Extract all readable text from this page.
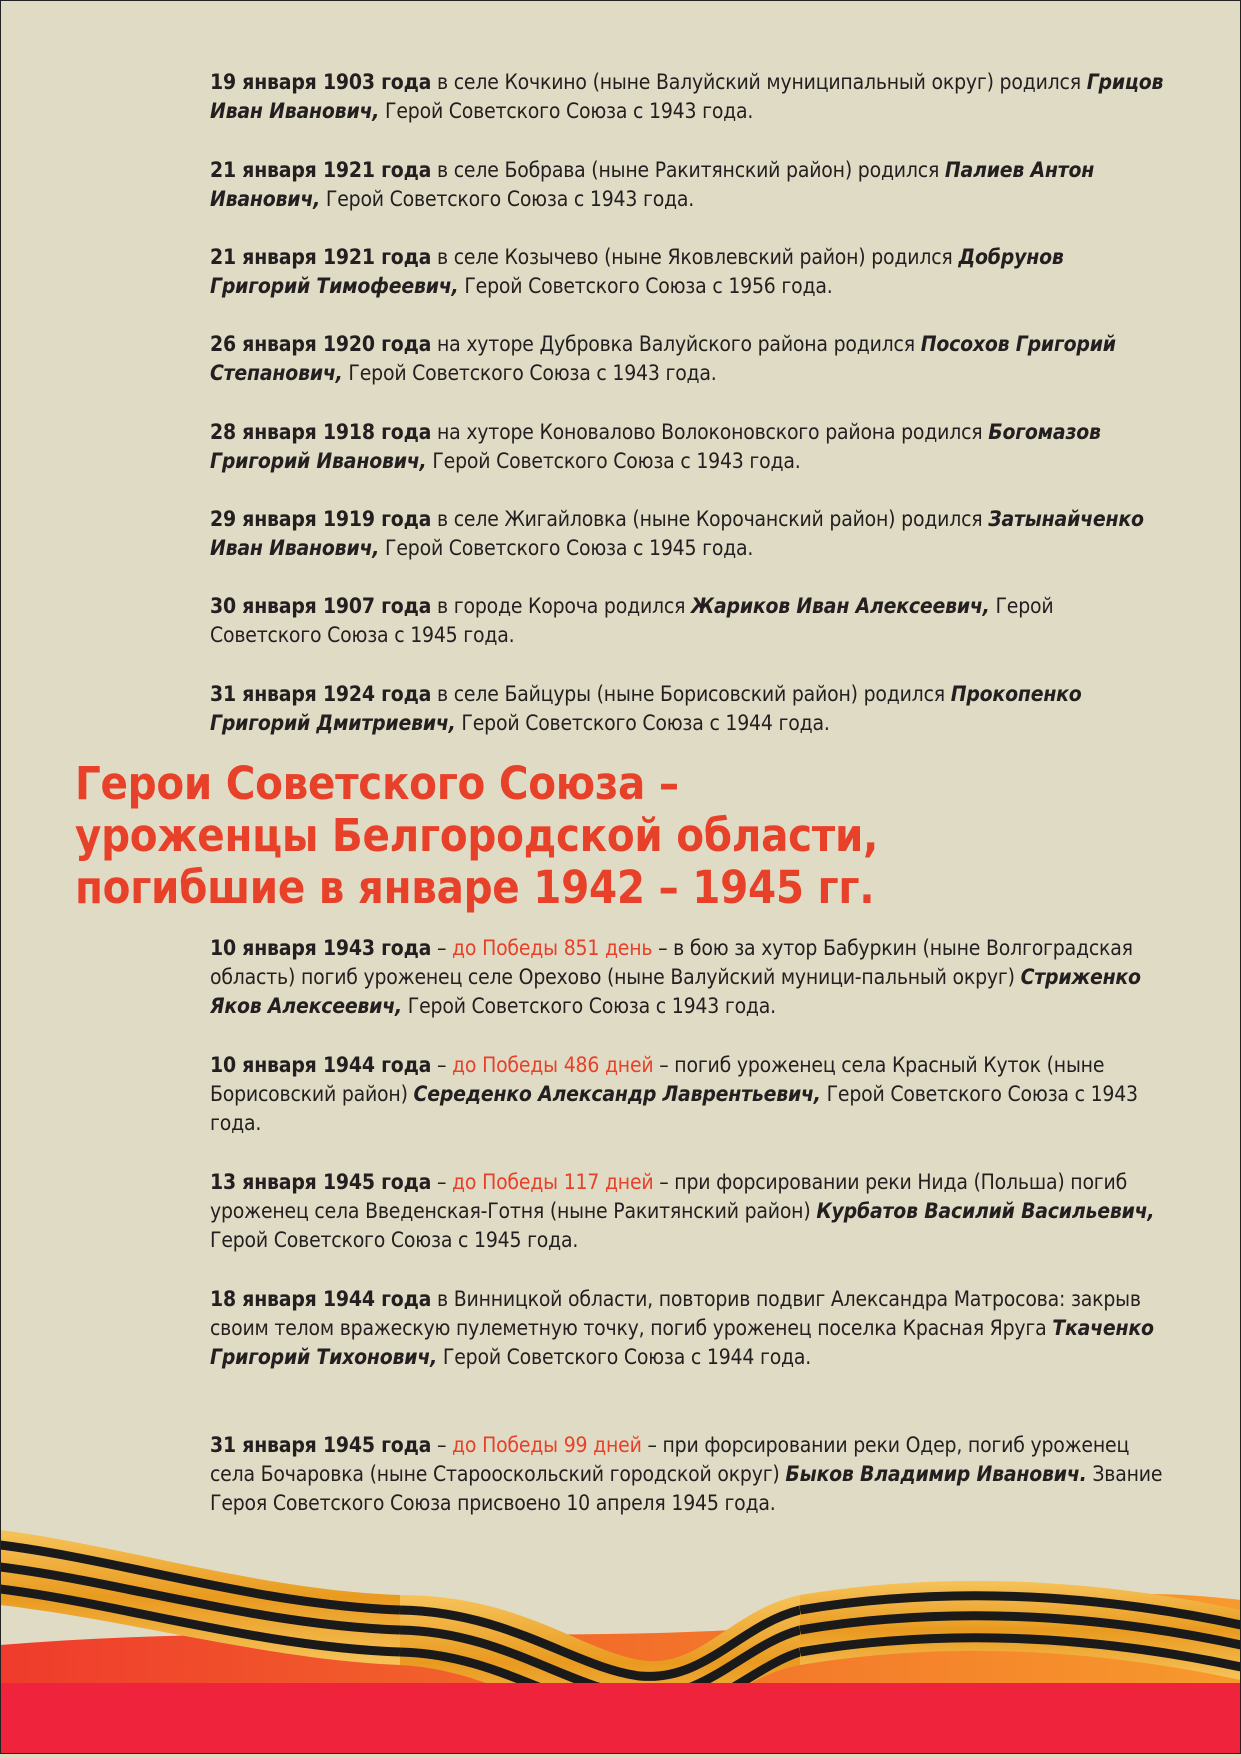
19 января 1903 года в селе Кочкино (ныне Валуйский муниципальный округ) родился Грицов Иван Иванович, Герой Советского Союза с 1943 года.
21 января 1921 года в селе Бобрава (ныне Ракитянский район) родился Палиев Антон Иванович, Герой Советского Союза с 1943 года.
21 января 1921 года в селе Козычево (ныне Яковлевский район) родился Добрунов Григорий Тимофеевич, Герой Советского Союза с 1956 года.
26 января 1920 года на хуторе Дубровка Валуйского района родился Посохов Григорий Степанович, Герой Советского Союза с 1943 года.
28 января 1918 года на хуторе Коновалово Волоконовского района родился Богомазов Григорий Иванович, Герой Советского Союза с 1943 года.
29 января 1919 года в селе Жигайловка (ныне Корочанский район) родился Затынайченко Иван Иванович, Герой Советского Союза с 1945 года.
30 января 1907 года в городе Короча родился Жариков Иван Алексеевич, Герой Советского Союза с 1945 года.
31 января 1924 года в селе Байцуры (ныне Борисовский район) родился Прокопенко Григорий Дмитриевич, Герой Советского Союза с 1944 года.
Герои Советского Союза –
уроженцы Белгородской области,
погибшие в январе 1942 – 1945 гг.
10 января 1943 года – до Победы 851 день – в бою за хутор Бабуркин (ныне Волгоградская область) погиб уроженец селе Орехово (ныне Валуйский муници-пальный округ) Стриженко Яков Алексеевич, Герой Советского Союза с 1943 года.
10 января 1944 года – до Победы 486 дней – погиб уроженец села Красный Куток (ныне Борисовский район) Середенко Александр Лаврентьевич, Герой Советского Союза с 1943 года.
13 января 1945 года – до Победы 117 дней – при форсировании реки Нида (Польша) погиб уроженец села Введенская-Готня (ныне Ракитянский район) Курбатов Василий Васильевич, Герой Советского Союза с 1945 года.
18 января 1944 года в Винницкой области, повторив подвиг Александра Матросова: закрыв своим телом вражескую пулеметную точку, погиб уроженец поселка Красная Яруга Ткаченко Григорий Тихонович, Герой Советского Союза с 1944 года.
31 января 1945 года – до Победы 99 дней – при форсировании реки Одер, погиб уроженец села Бочаровка (ныне Старооскольский городской округ) Быков Владимир Иванович. Звание Героя Советского Союза присвоено 10 апреля 1945 года.
